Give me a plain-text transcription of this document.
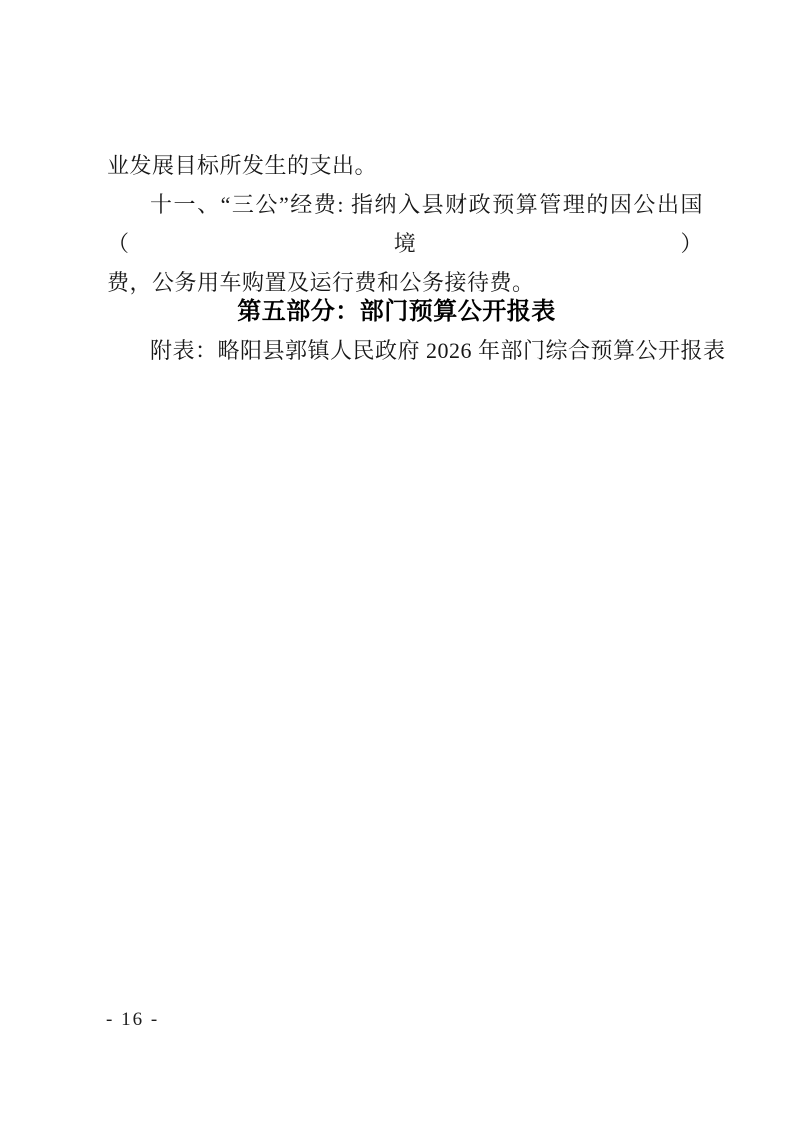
业发展目标所发生的支出。
十一、“三公”经费: 指纳入县财政预算管理的因公出国（境）
费，公务用车购置及运行费和公务接待费。
第五部分：部门预算公开报表
附表：略阳县郭镇人民政府 2026 年部门综合预算公开报表
- 16 -
